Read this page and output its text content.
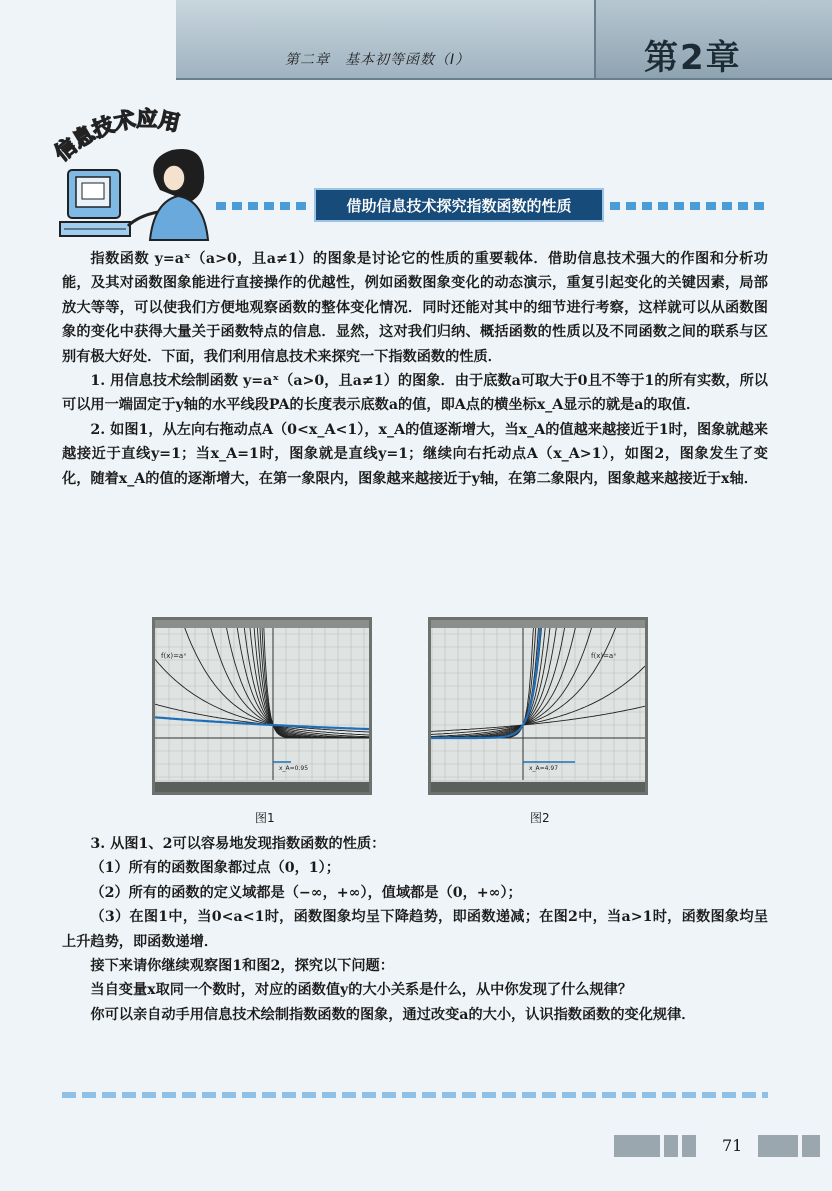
第二章　基本初等函数（Ⅰ）	第2章
信息技术应用
借助信息技术探究指数函数的性质

指数函数 y=aˣ（a>0，且a≠1）的图象是讨论它的性质的重要载体．借助信息技术强大的作图和分析功能，及其对函数图象能进行直接操作的优越性，例如函数图象变化的动态演示，重复引起变化的关键因素，局部放大等等，可以使我们方便地观察函数的整体变化情况．同时还能对其中的细节进行考察，这样就可以从函数图象的变化中获得大量关于函数特点的信息．显然，这对我们归纳、概括函数的性质以及不同函数之间的联系与区别有极大好处．下面，我们利用信息技术来探究一下指数函数的性质．

1. 用信息技术绘制函数 y=aˣ（a>0，且a≠1）的图象．由于底数a可取大于0且不等于1的所有实数，所以可以用一端固定于y轴的水平线段PA的长度表示底数a的值，即A点的横坐标x_A显示的就是a的取值．

2. 如图1，从左向右拖动点A（0<x_A<1），x_A的值逐渐增大，当x_A的值越来越接近于1时，图象就越来越接近于直线y=1；当x_A=1时，图象就是直线y=1；继续向右托动点A（x_A>1），如图2，图象发生了变化，随着x_A的值的逐渐增大，在第一象限内，图象越来越接近于y轴，在第二象限内，图象越来越接近于x轴．

f(x)=aˣ
x_A=0.95
f(x)=aˣ
x_A=4.97
图1	图2

3. 从图1、2可以容易地发现指数函数的性质：

（1）所有的函数图象都过点（0，1）；

（2）所有的函数的定义域都是（−∞，+∞），值域都是（0，+∞）；

（3）在图1中，当0<a<1时，函数图象均呈下降趋势，即函数递减；在图2中，当a>1时，函数图象均呈上升趋势，即函数递增．

接下来请你继续观察图1和图2，探究以下问题：

当自变量x取同一个数时，对应的函数值y的大小关系是什么，从中你发现了什么规律？

你可以亲自动手用信息技术绘制指数函数的图象，通过改变a的大小，认识指数函数的变化规律．

71
